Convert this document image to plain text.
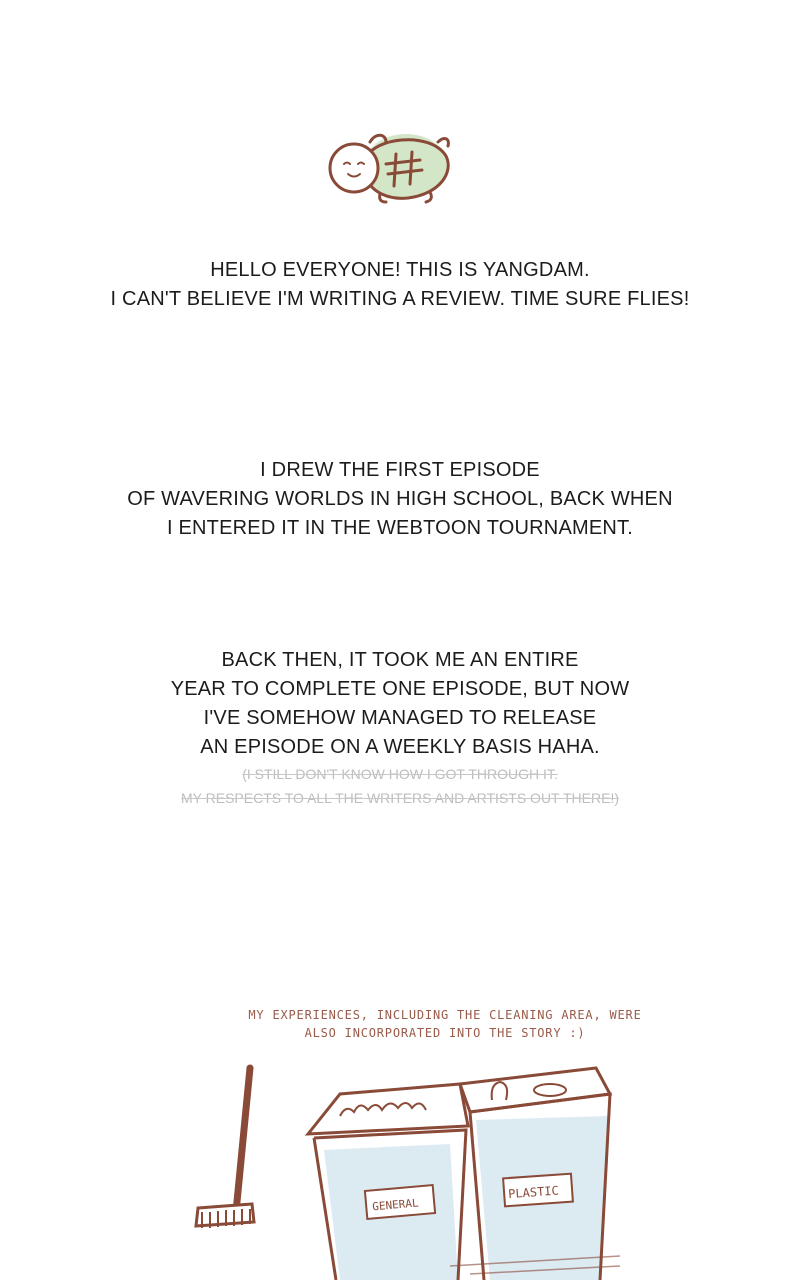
HELLO EVERYONE! THIS IS YANGDAM.
I CAN'T BELIEVE I'M WRITING A REVIEW. TIME SURE FLIES!
I DREW THE FIRST EPISODE
OF WAVERING WORLDS IN HIGH SCHOOL, BACK WHEN
I ENTERED IT IN THE WEBTOON TOURNAMENT.
BACK THEN, IT TOOK ME AN ENTIRE
YEAR TO COMPLETE ONE EPISODE, BUT NOW
I'VE SOMEHOW MANAGED TO RELEASE
AN EPISODE ON A WEEKLY BASIS HAHA.
(I STILL DON'T KNOW HOW I GOT THROUGH IT.
MY RESPECTS TO ALL THE WRITERS AND ARTISTS OUT THERE!)
MY EXPERIENCES, INCLUDING THE CLEANING AREA, WERE
ALSO INCORPORATED INTO THE STORY :)
GENERAL
PLASTIC
